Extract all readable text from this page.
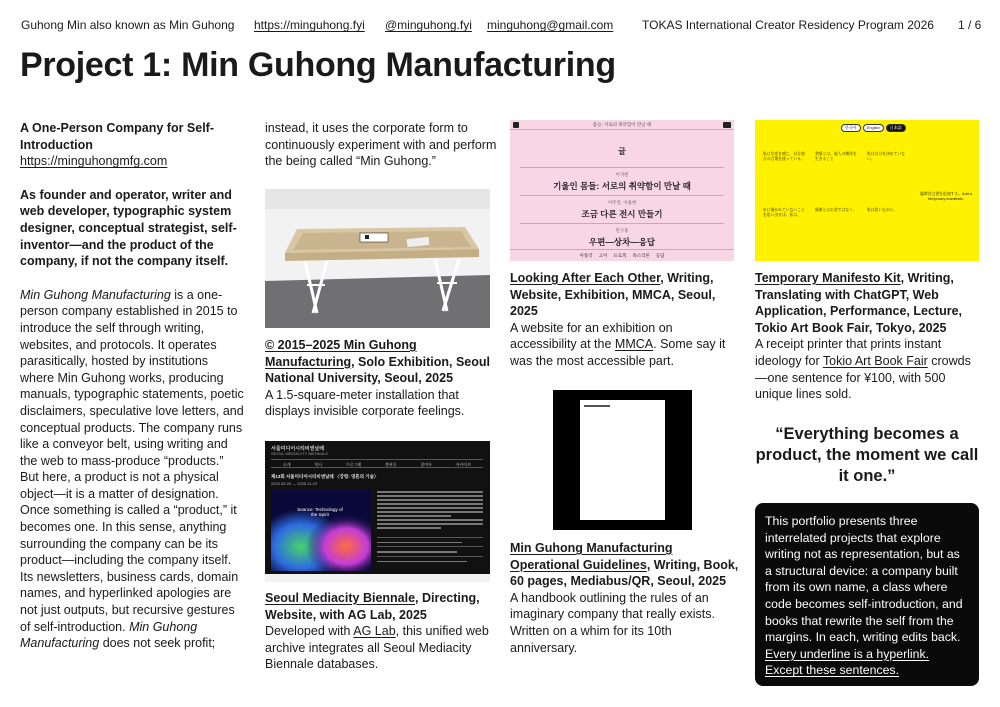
Guhong Min also known as Min Guhong https://minguhong.fyi @minguhong.fyi minguhong@gmail.com TOKAS International Creator Residency Program 2026 1 / 6
Project 1: Min Guhong Manufacturing

A One-Person Company for Self-Introduction

https://minguhongmfg.com

As founder and operator, writer and web developer, typographic system designer, conceptual strategist, self-inventor—and the product of the company, if not the company itself.

Min Guhong Manufacturing is a one-person company established in 2015 to introduce the self through writing, websites, and protocols. It operates parasitically, hosted by institutions where Min Guhong works, producing manuals, typographic statements, poetic disclaimers, speculative love letters, and conceptual products. The company runs like a conveyor belt, using writing and the web to mass-produce “products.” But here, a product is not a physical object—it is a matter of designation. Once something is called a “product,” it becomes one. In this sense, anything surrounding the company can be its product—including the company itself. Its newsletters, business cards, domain names, and hyperlinked apologies are not just outputs, but recursive gestures of self-introduction. Min Guhong Manufacturing does not seek profit;

instead, it uses the corporate form to continuously experiment with and perform the being called “Min Guhong.”

© 2015–2025 Min Guhong Manufacturing, Solo Exhibition, Seoul National University, Seoul, 2025

A 1.5-square-meter installation that displays invisible corporate feelings.

서울미디어시티비엔날레
SEOUL MEDIACITY BIENNALE
소개	역사	프로그램	출판물	참여자	아카이브
제13회 서울미디어시티비엔날레 〈강령: 영혼의 기술〉
2025.08.26 — 2025.11.23
Seance: Technology of the Spirit

Seoul Mediacity Biennale, Directing, Website, with AG Lab, 2025

Developed with AG Lab, this unified web archive integrates all Seoul Mediacity Biennale databases.

몸들: 서로의 취약함이 만날 때
글
이지원
기울인 몸들: 서로의 취약함이 만날 때
이주연, 이용현
조금 다른 전시 만들기
민구홍
우편—상차—응답
아틀러 고어 프로젝 목소리론 응답

Looking After Each Other, Writing, Website, Exhibition, MMCA, Seoul, 2025

A website for an exhibition on accessibility at the MMCA. Some say it was the most accessible part.

Min Guhong Manufacturing Operational Guidelines, Writing, Book, 60 pages, Mediabus/QR, Seoul, 2025

A handbook outlining the rules of an imaginary company that really exists. Written on a whim for its 10th anniversary.

한국어	English	日本語
私は生産を感じ、自分独自の言葉を使っている。
我慢とは、他人の期待を生きること
私は自分を決めていない。
紅に描かれていないことを思い出せば、私は、
価値とはお金ではなく、	私は思いながら、
臨時宣言書を追加する。Add a temporary manifesto.

Temporary Manifesto Kit, Writing, Translating with ChatGPT, Web Application, Performance, Lecture, Tokio Art Book Fair, Tokyo, 2025

A receipt printer that prints instant ideology for Tokio Art Book Fair crowds—one sentence for ¥100, with 500 unique lines sold.

“Everything becomes a product, the moment we call it one.”
This portfolio presents three interrelated projects that explore writing not as representation, but as a structural device: a company built from its own name, a class where code becomes self-introduction, and books that rewrite the self from the margins. In each, writing edits back. Every underline is a hyperlink. Except these sentences.
